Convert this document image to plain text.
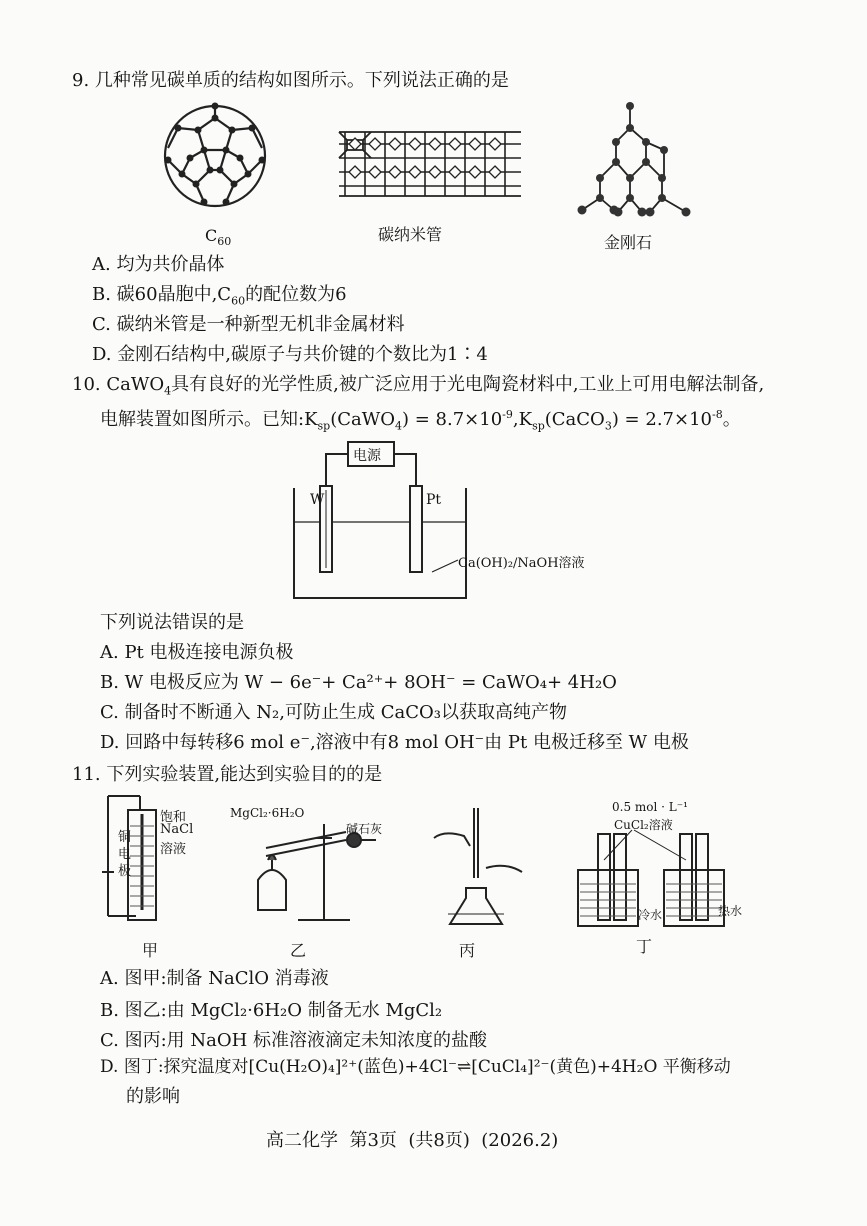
9. 几种常见碳单质的结构如图所示。下列说法正确的是
$C_{60}$	碳纳米管	金刚石
A. 均为共价晶体
B. 碳60晶胞中$,C_{60}$的配位数为6
C. 碳纳米管是一种新型无机非金属材料
D. 金刚石结构中,碳原子与共价键的个数比为1∶4
10. CaWO$_4$具有良好的光学性质,被广泛应用于光电陶瓷材料中,工业上可用电解法制备,
电解装置如图所示。已知$:K_{sp}(CaWO_4)$ = $8.7\times 10^{-9},K_{sp}(CaCO_3) = 2.7\times 10^{-8}$。
电源
W	Pt
Ca(OH)₂/NaOH溶液
下列说法错误的是
A. Pt 电极连接电源负极
B. W 电极反应为 W − 6e⁻+ Ca²⁺+ 8OH⁻ = CaWO₄+ 4H₂O
C. 制备时不断通入 N₂,可防止生成 CaCO₃以获取高纯产物
D. 回路中每转移6 mol e⁻,溶液中有8 mol OH⁻由 Pt 电极迁移至 W 电极
11. 下列实验装置,能达到实验目的的是
铜
电
极
饱和
NaCl
溶液
甲
MgCl₂·6H₂O
碱石灰
乙	丙
0.5 mol · L⁻¹
CuCl₂溶液
冷水	热水
丁
A. 图甲:制备 NaClO 消毒液
B. 图乙:由 MgCl₂·6H₂O 制备无水 MgCl₂
C. 图丙:用 NaOH 标准溶液滴定未知浓度的盐酸
D. 图丁:探究温度对[Cu(H₂O)₄]²⁺(蓝色)+4Cl⁻⇌[CuCl₄]²⁻(黄色)+4H₂O 平衡移动
的影响
高二化学  第3页  (共8页)  (2026.2)
